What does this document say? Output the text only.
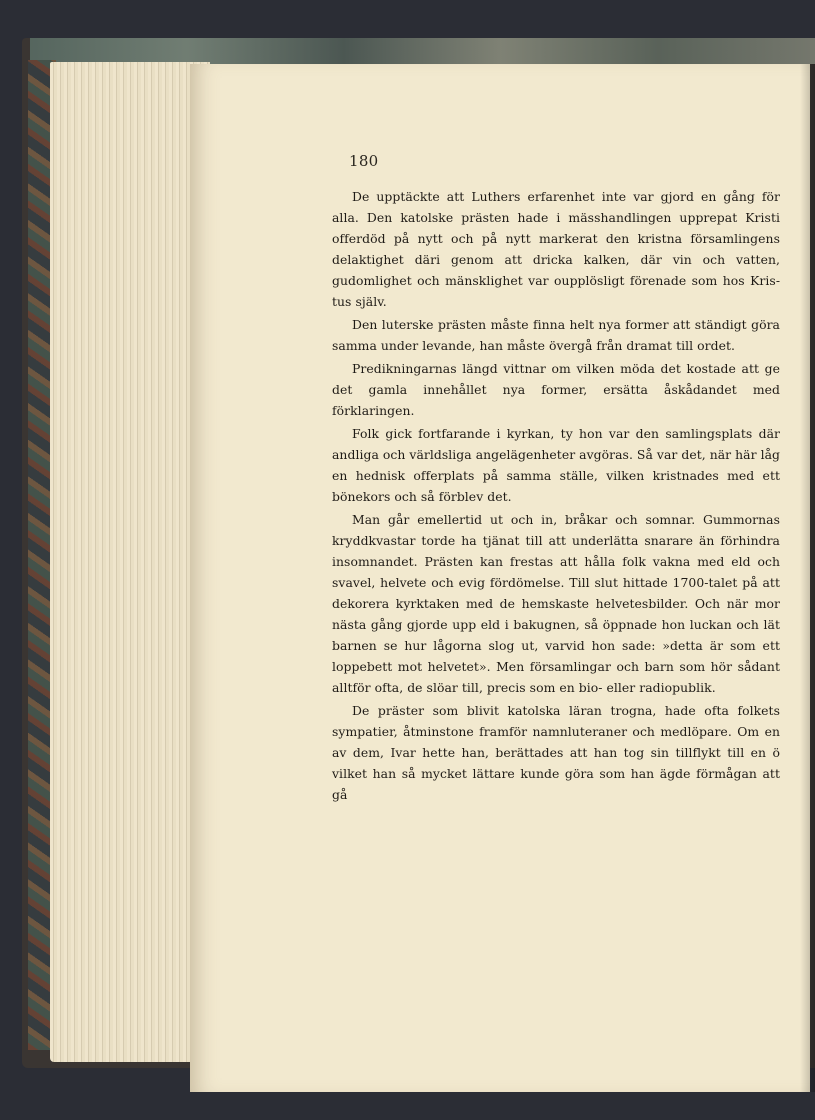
180

De upptäckte att Luthers erfarenhet inte var gjord en gång för alla. Den katolske prästen hade i mässhandlingen upprepat Kristi offerdöd på nytt och på nytt markerat den kristna församlingens delaktighet däri genom att dricka kalken, där vin och vatten, gudomlighet och mänsklighet var oupplösligt förenade som hos Kristus själv.

Den luterske prästen måste finna helt nya former att ständigt göra samma under levande, han måste övergå från dramat till ordet.

Predikningarnas längd vittnar om vilken möda det kostade att ge det gamla innehållet nya former, ersätta åskådandet med förklaringen.

Folk gick fortfarande i kyrkan, ty hon var den samlingsplats där andliga och världsliga angelägenheter avgöras. Så var det, när här låg en hednisk offerplats på samma ställe, vilken kristnades med ett bönekors och så förblev det.

Man går emellertid ut och in, bråkar och somnar. Gummornas kryddkvastar torde ha tjänat till att underlätta snarare än förhindra insomnandet. Prästen kan frestas att hålla folk vakna med eld och svavel, helvete och evig fördömelse. Till slut hittade 1700-talet på att dekorera kyrktaken med de hemskaste helvetesbilder. Och när mor nästa gång gjorde upp eld i bakugnen, så öppnade hon luckan och lät barnen se hur lågorna slog ut, varvid hon sade: »detta är som ett loppebett mot helvetet». Men församlingar och barn som hör sådant alltför ofta, de slöar till, precis som en bio- eller radiopublik.

De präster som blivit katolska läran trogna, hade ofta folkets sympatier, åtminstone framför namnluteraner och medlöpare. Om en av dem, Ivar hette han, berättades att han tog sin tillflykt till en ö vilket han så mycket lättare kunde göra som han ägde förmågan att gå
